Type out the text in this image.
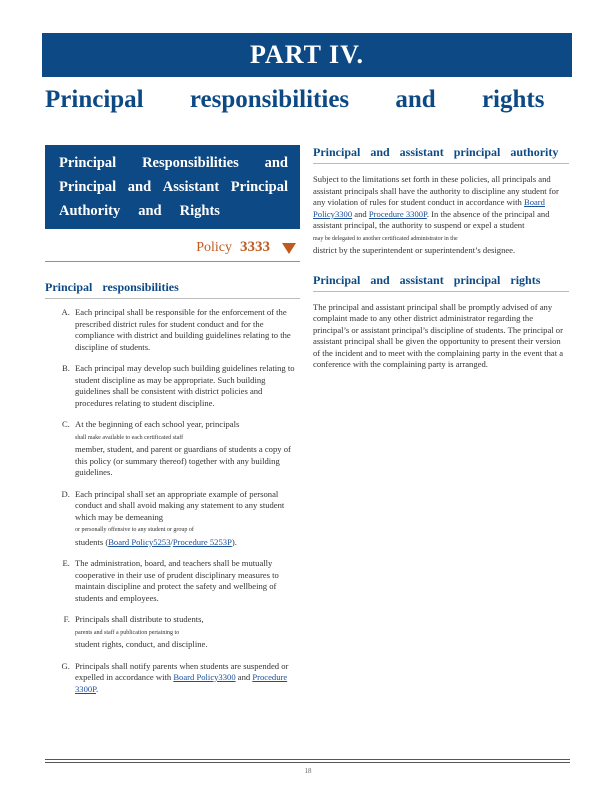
PART IV.
Principal responsibilities and rights
Principal Responsibilities and
Principal and Assistant Principal
Authority and Rights
Policy 3333
Principal responsibilities
A. Each principal shall be responsible for the enforcement of the prescribed district rules for student conduct and for the compliance with district and building guidelines relating to the discipline of students.
B. Each principal may develop such building guidelines relating to student discipline as may be appropriate. Such building guidelines shall be consistent with district policies and procedures relating to student discipline.
C. At the beginning of each school year, principals
shall make available to each certificated staff
member, student, and parent or guardians of students a copy of this policy (or summary thereof) together with any building guidelines.
D. Each principal shall set an appropriate example of personal conduct and shall avoid making any statement to any student which may be demeaning
or personally offensive to any student or group of
students (Board Policy5253/Procedure 5253P).
E. The administration, board, and teachers shall be mutually cooperative in their use of prudent disciplinary measures to maintain discipline and protect the safety and wellbeing of students and employees.
F. Principals shall distribute to students,
parents and staff a publication pertaining to
student rights, conduct, and discipline.
G. Principals shall notify parents when students are suspended or expelled in accordance with Board Policy3300 and Procedure 3300P.
Principal and assistant principal authority

Subject to the limitations set forth in these policies, all principals and assistant principals shall have the authority to discipline any student for any violation of rules for student conduct in accordance with Board Policy3300 and Procedure 3300P. In the absence of the principal and assistant principal, the authority to suspend or expel a student
may be delegated to another certificated administrator in the
district by the superintendent or superintendent’s designee.

Principal and assistant principal rights

The principal and assistant principal shall be promptly advised of any complaint made to any other district administrator regarding the principal’s or assistant principal’s discipline of students. The principal or assistant principal shall be given the opportunity to present their version of the incident and to meet with the complaining party in the event that a conference with the complaining party is arranged.

18
